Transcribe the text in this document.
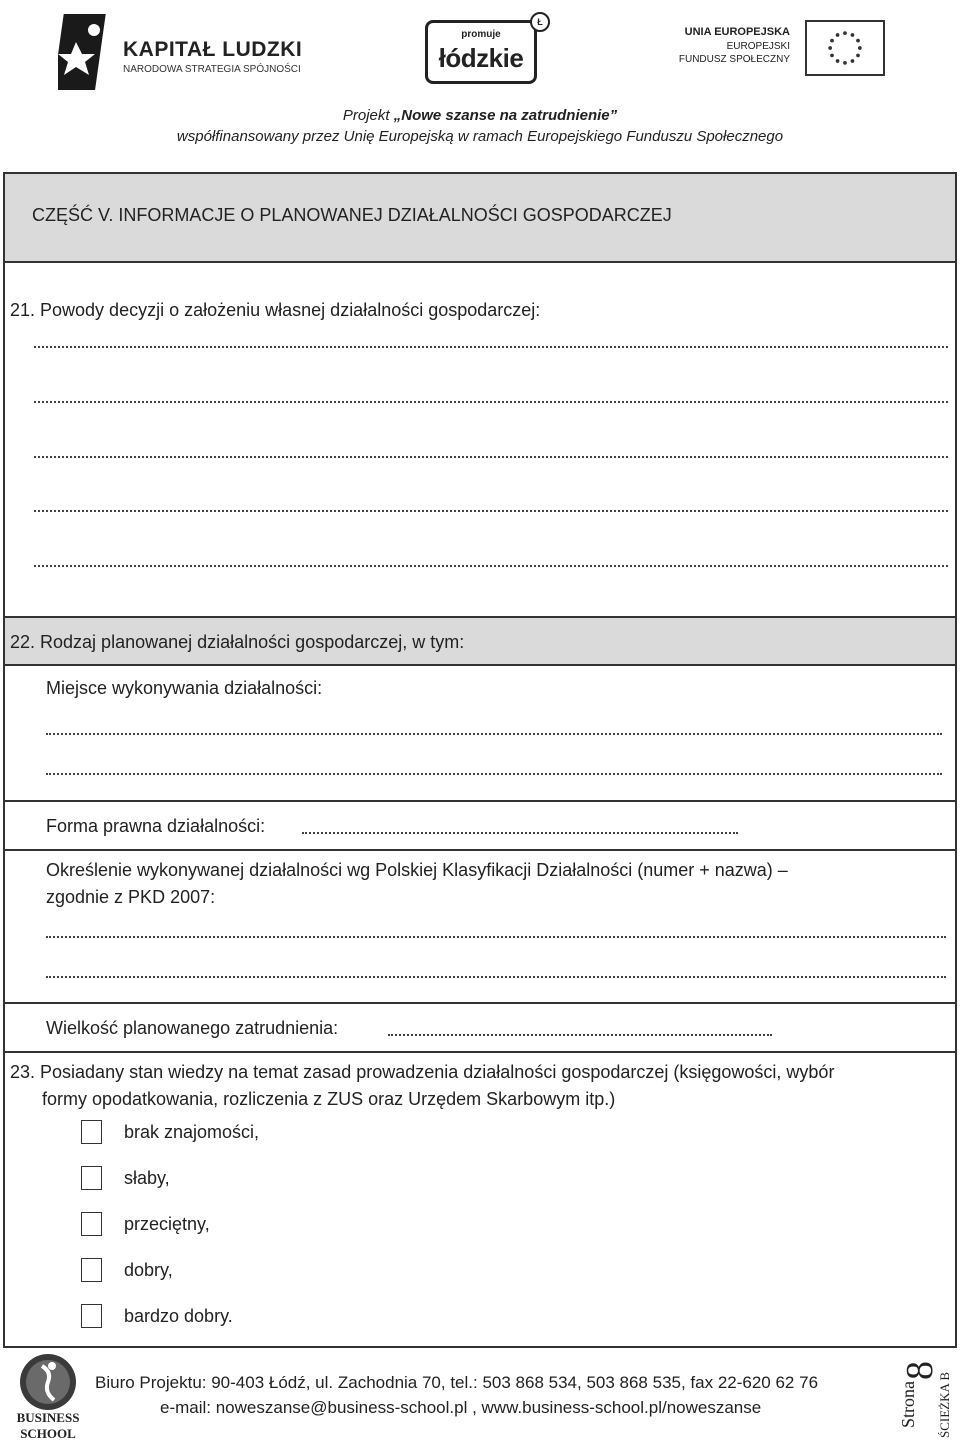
KAPITAŁ LUDZKI
NARODOWA STRATEGIA SPÓJNOŚCI
promuje
łódzkie
Ł
UNIA EUROPEJSKA
EUROPEJSKI
FUNDUSZ SPOŁECZNY
Projekt „Nowe szanse na zatrudnienie”
współfinansowany przez Unię Europejską w ramach Europejskiego Funduszu Społecznego
CZĘŚĆ V. INFORMACJE O PLANOWANEJ DZIAŁALNOŚCI GOSPODARCZEJ
21. Powody decyzji o założeniu własnej działalności gospodarczej:
22. Rodzaj planowanej działalności gospodarczej, w tym:
Miejsce wykonywania działalności:
Forma prawna działalności:
Określenie wykonywanej działalności wg Polskiej Klasyfikacji Działalności (numer + nazwa) –
zgodnie z PKD 2007:
Wielkość planowanego zatrudnienia:
23. Posiadany stan wiedzy na temat zasad prowadzenia działalności gospodarczej (księgowości, wybór
formy opodatkowania, rozliczenia z ZUS oraz Urzędem Skarbowym itp.)
brak znajomości,
słaby,
przeciętny,
dobry,
bardzo dobry.
BUSINESS
SCHOOL
Biuro Projektu: 90-403 Łódź, ul. Zachodnia 70, tel.: 503 868 534, 503 868 535, fax 22-620 62 76
e-mail: noweszanse@business-school.pl , www.business-school.pl/noweszanse	Strona
8
ŚCIEŻKA B
